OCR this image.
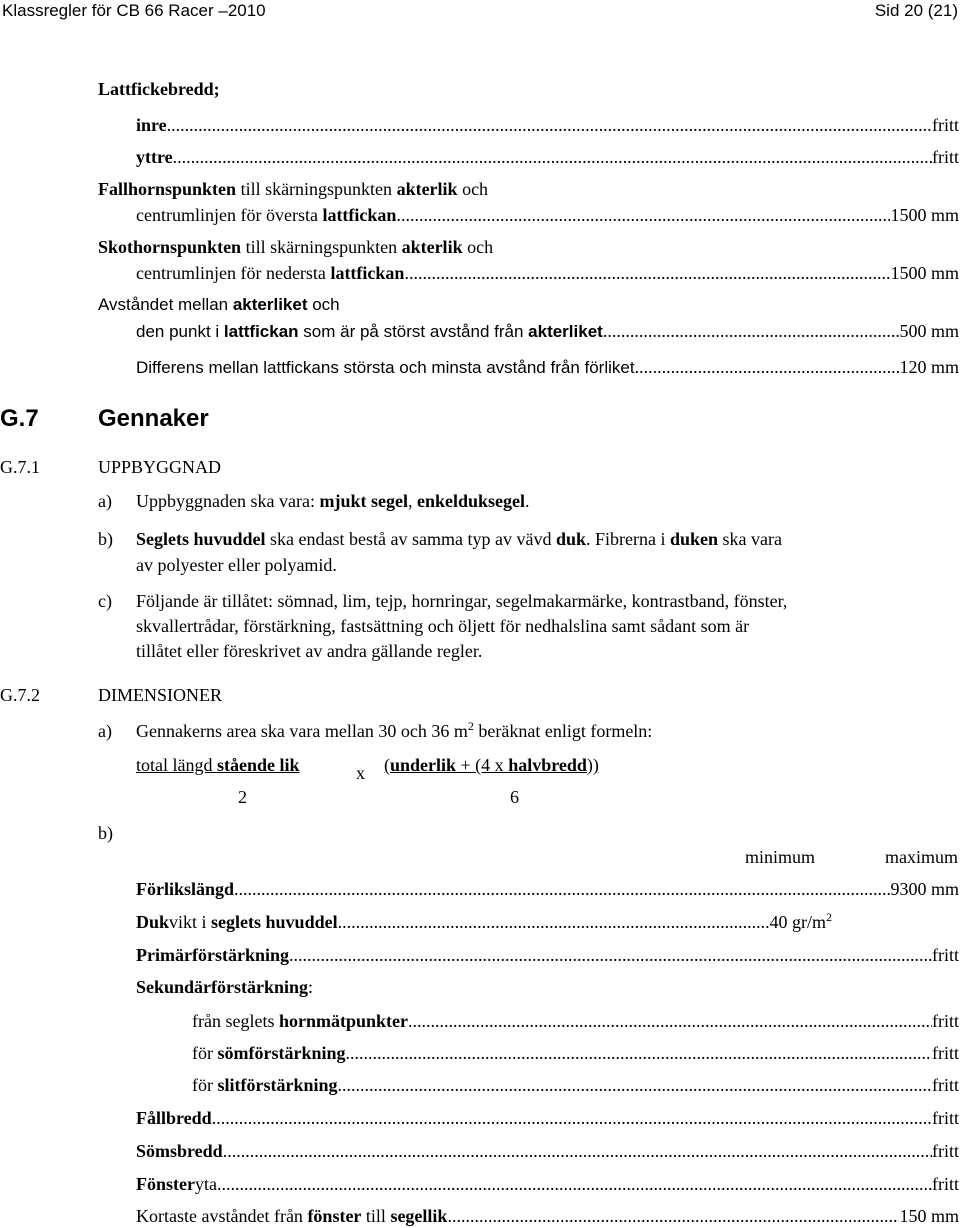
Klassregler för CB 66 Racer –2010	Sid 20 (21)
Lattfickebredd;
inre .....	fritt
yttre .....	fritt
Fallhornspunkten till skärningspunkten akterlik och
centrumlinjen för översta lattfickan .....	1500 mm
Skothornspunkten till skärningspunkten akterlik och
centrumlinjen för nedersta lattfickan .....	1500 mm
Avståndet mellan akterliket och
den punkt i lattfickan som är på störst avstånd från akterliket .....	500 mm
Differens mellan lattfickans största och minsta avstånd från förliket .....	120 mm
G.7 Gennaker
G.7.1	UPPBYGGNAD
a) Uppbyggnaden ska vara: mjukt segel, enkelduksegel.
b) Seglets huvuddel ska endast bestå av samma typ av vävd duk. Fibrerna i duken ska vara
av polyester eller polyamid.
c) Följande är tillåtet: sömnad, lim, tejp, hornringar, segelmakarmärke, kontrastband, fönster,
skvallertrådar, förstärkning, fastsättning och öljett för nedhalslina samt sådant som är
tillåtet eller föreskrivet av andra gällande regler.
G.7.2	DIMENSIONER
a) Gennakerns area ska vara mellan 30 och 36 $m^2$ beräknat enligt formeln:
total längd stående lik	x (underlik + (4 x halvbredd))
2	6
b)
minimum	maximum
Förlikslängd .....	9300 mm
Dukvikt i seglets huvuddel .....	40 $gr/m^2$
Primärförstärkning .....	fritt
Sekundärförstärkning:
från seglets hornmätpunkter .....	fritt
för sömförstärkning .....	fritt
för slitförstärkning .....	fritt
Fållbredd .....	fritt
Sömsbredd .....	fritt
Fönsteryta .....	fritt
Kortaste avståndet från fönster till segellik .....	150 mm
